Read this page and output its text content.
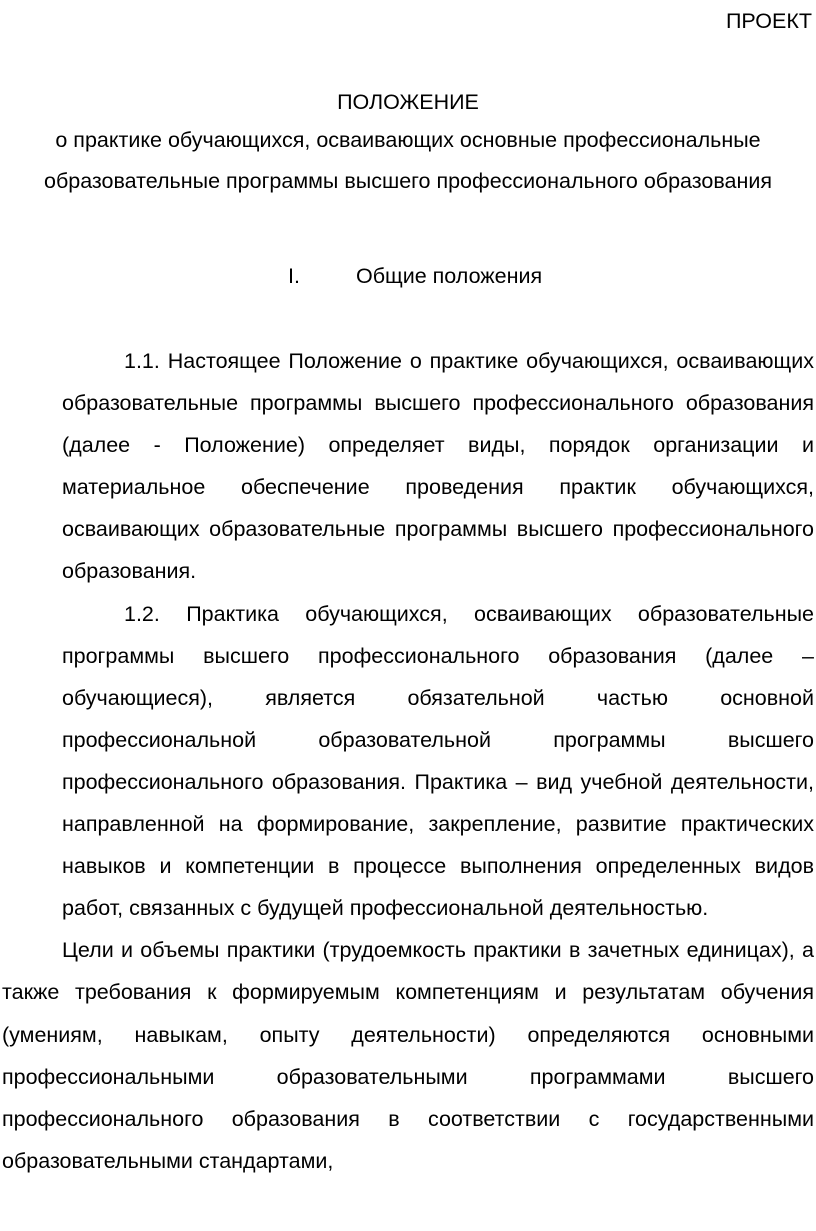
ПРОЕКТ

ПОЛОЖЕНИЕ

о практике обучающихся, осваивающих основные профессиональные
образовательные программы высшего профессионального образования

I.	Общие положения

1.1. Настоящее Положение о практике обучающихся, осваивающих образовательные программы высшего профессионального образования (далее - Положение) определяет виды, порядок организации и материальное обеспечение проведения практик обучающихся, осваивающих образовательные программы высшего профессионального образования.

1.2. Практика обучающихся, осваивающих образовательные программы высшего профессионального образования (далее – обучающиеся), является обязательной частью основной профессиональной образовательной программы высшего профессионального образования. Практика – вид учебной деятельности, направленной на формирование, закрепление, развитие практических навыков и компетенции в процессе выполнения определенных видов работ, связанных с будущей профессиональной деятельностью.

Цели и объемы практики (трудоемкость практики в зачетных единицах), а также требования к формируемым компетенциям и результатам обучения (умениям, навыкам, опыту деятельности) определяются основными профессиональными образовательными программами высшего профессионального образования в соответствии с государственными образовательными стандартами,
